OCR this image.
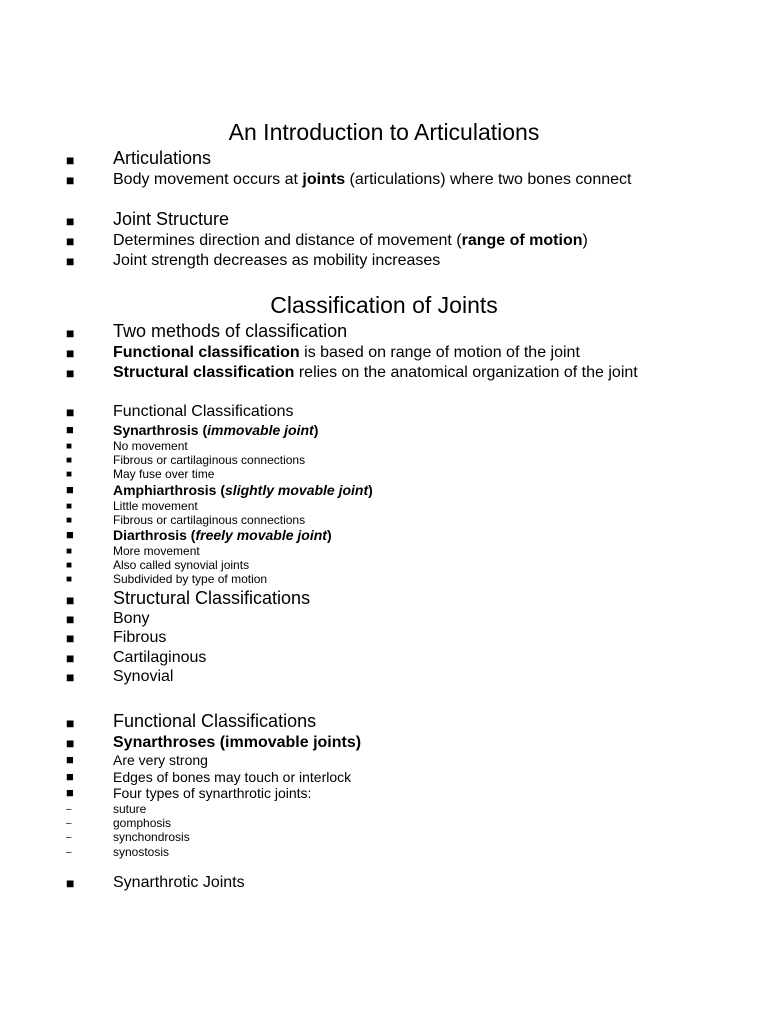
An Introduction to Articulations
■ Articulations
■ Body movement occurs at joints (articulations) where two bones connect
■ Joint Structure
■ Determines direction and distance of movement (range of motion)
■ Joint strength decreases as mobility increases
Classification of Joints
■ Two methods of classification
■ Functional classification is based on range of motion of the joint
■ Structural classification relies on the anatomical organization of the joint
■ Functional Classifications
■	Synarthrosis (immovable joint)
■	No movement
■	Fibrous or cartilaginous connections
■	May fuse over time
■	Amphiarthrosis (slightly movable joint)
■	Little movement
■	Fibrous or cartilaginous connections
■	Diarthrosis (freely movable joint)
■	More movement
■	Also called synovial joints
■	Subdivided by type of motion
■ Structural Classifications
■ Bony
■ Fibrous
■ Cartilaginous
■ Synovial
■ Functional Classifications
■ Synarthroses (immovable joints)
■	Are very strong
■	Edges of bones may touch or interlock
■	Four types of synarthrotic joints:
–	suture
–	gomphosis
–	synchondrosis
–	synostosis
■ Synarthrotic Joints
